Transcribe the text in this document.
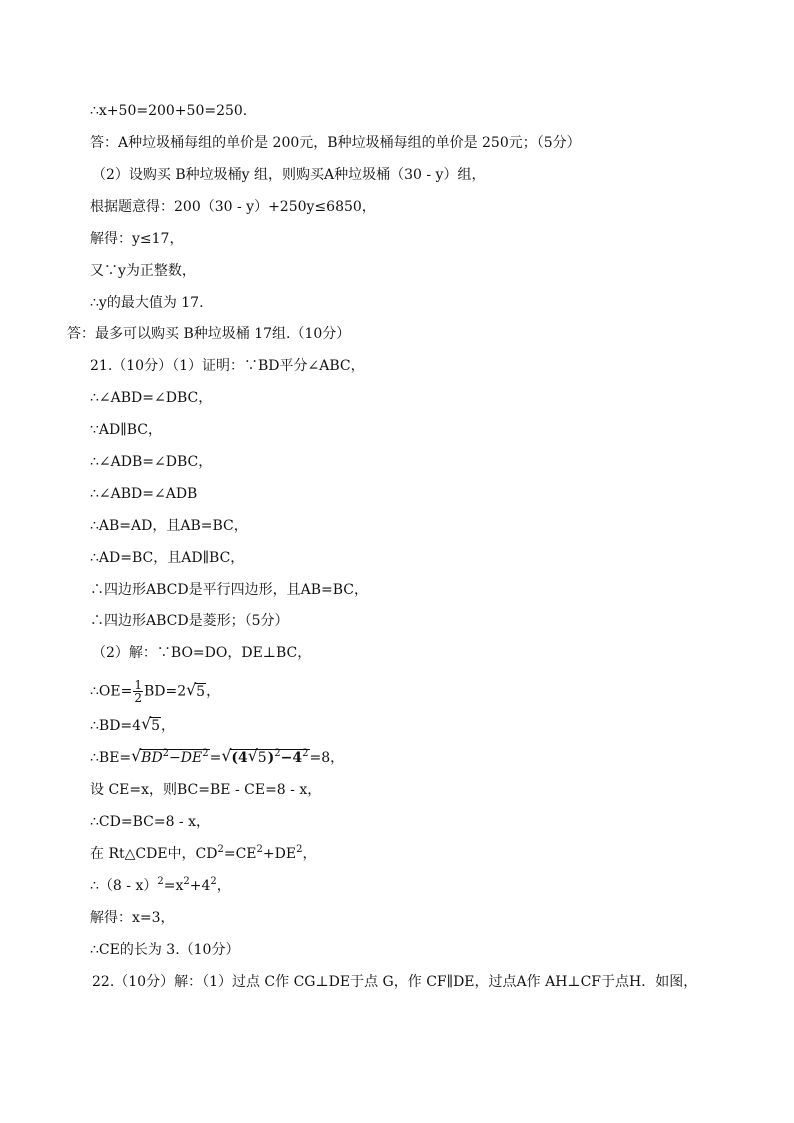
∴x+50=200+50=250.
答：A种垃圾桶每组的单价是 200元，B种垃圾桶每组的单价是 250元；（5分）
（2）设购买 B种垃圾桶y 组，则购买A种垃圾桶（30 - y）组，
根据题意得：200（30 - y）+250y≤6850，
解得：y≤17，
又∵y为正整数，
∴y的最大值为 17.
答：最多可以购买 B种垃圾桶 17组.（10分）
21.（10分）（1）证明：∵BD平分∠ABC，
∴∠ABD=∠DBC，
∵AD∥BC，
∴∠ADB=∠DBC，
∴∠ABD=∠ADB
∴AB=AD，且AB=BC，
∴AD=BC，且AD∥BC，
∴四边形ABCD是平行四边形，且AB=BC，
∴四边形ABCD是菱形；（5分）
（2）解：∵BO=DO，DE⊥BC，
∴OE= $\frac{1}{2} BD=2$ √ 5，
∴BD=4 √ 5，
∴BE= √ $BD^2-DE^2=$ √ (4 √ $5)^2-4^2=8$，
设 CE=x，则BC=BE - CE=8 - x，
∴CD=BC=8 - x，
在 Rt△CDE中，$CD^2=CE^2+DE^2$，
∴（8 - $x)^2=x^2+4^2$，
解得：x=3，
∴CE的长为 3.（10分）
22.（10分）解：（1）过点 C作 CG⊥DE于点 G，作 CF∥DE，过点A作 AH⊥CF于点H．如图，
